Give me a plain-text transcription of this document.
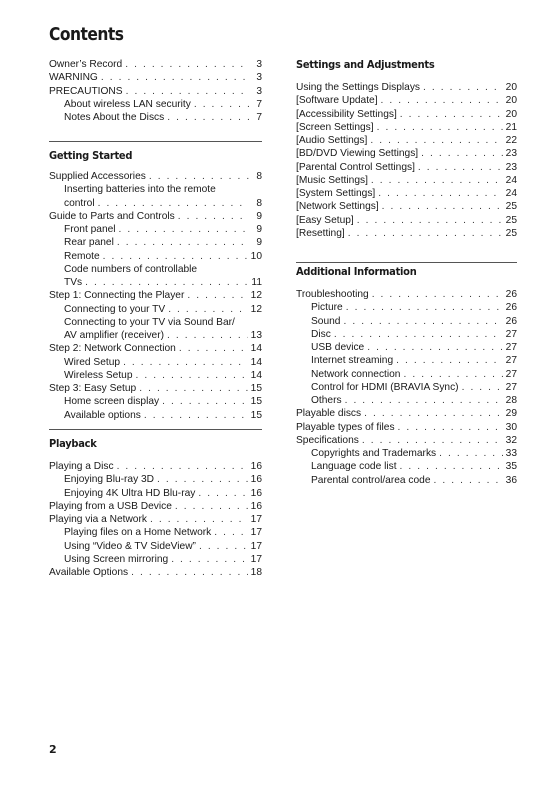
Contents
Owner’s Record . . .	3
WARNING . . .	3
PRECAUTIONS . . .	3
About wireless LAN security . . .	7
Notes About the Discs . . .	7
Getting Started
Supplied Accessories . . .	8
Inserting batteries into the remote
control . . .	8
Guide to Parts and Controls . . .	9
Front panel . . .	9
Rear panel . . .	9
Remote . . .	10
Code numbers of controllable
TVs . . .	11
Step 1: Connecting the Player . . .	12
Connecting to your TV . . .	12
Connecting to your TV via Sound Bar/
AV amplifier (receiver) . . .	13
Step 2: Network Connection . . .	14
Wired Setup . . .	14
Wireless Setup . . .	14
Step 3: Easy Setup . . .	15
Home screen display . . .	15
Available options . . .	15
Playback
Playing a Disc . . .	16
Enjoying Blu-ray 3D . . .	16
Enjoying 4K Ultra HD Blu-ray . . .	16
Playing from a USB Device . . .	16
Playing via a Network . . .	17
Playing files on a Home Network . . .	17
Using “Video & TV SideView” . . .	17
Using Screen mirroring . . .	17
Available Options . . .	18
Settings and Adjustments
Using the Settings Displays . . .	20
[Software Update] . . .	20
[Accessibility Settings] . . .	20
[Screen Settings] . . .	21
[Audio Settings] . . .	22
[BD/DVD Viewing Settings] . . .	23
[Parental Control Settings] . . .	23
[Music Settings] . . .	24
[System Settings] . . .	24
[Network Settings] . . .	25
[Easy Setup] . . .	25
[Resetting] . . .	25
Additional Information
Troubleshooting . . .	26
Picture . . .	26
Sound . . .	26
Disc . . .	27
USB device . . .	27
Internet streaming . . .	27
Network connection . . .	27
Control for HDMI (BRAVIA Sync) . . .	27
Others . . .	28
Playable discs . . .	29
Playable types of files . . .	30
Specifications . . .	32
Copyrights and Trademarks . . .	33
Language code list . . .	35
Parental control/area code . . .	36
2
